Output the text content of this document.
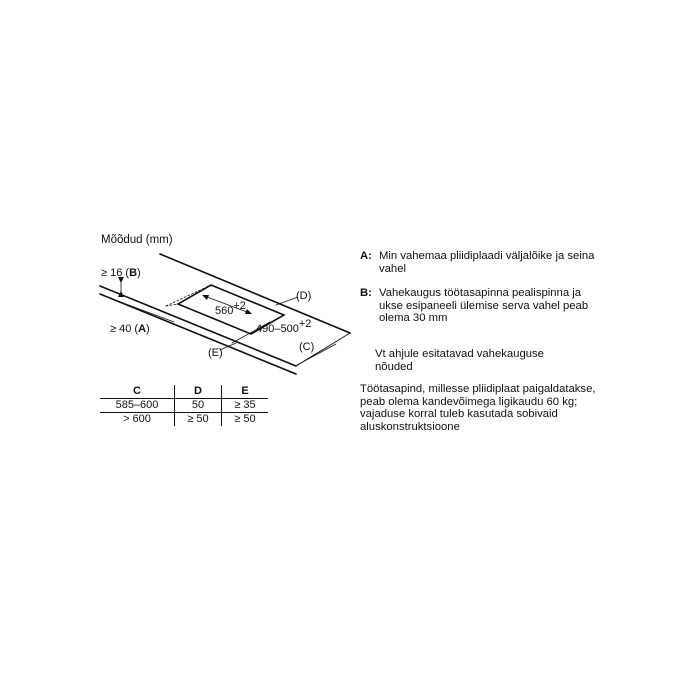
Mõõdud (mm)
≥ 16 (B)
≥ 40 (A)
560+2
490–500+2
(D)
(C)
(E)
C	D	E
585–600	50	≥ 35
> 600	≥ 50	≥ 50
A: Min vahemaa pliidiplaadi väljalõike ja seina vahel
B: Vahekaugus töötasapinna pealispinna ja ukse esipaneeli ülemise serva vahel peab olema 30 mm
Vt ahjule esitatavad vahekauguse nõuded
Töötasapind, millesse pliidiplaat paigaldatakse, peab olema kandevõimega ligikaudu 60 kg; vajaduse korral tuleb kasutada sobivaid aluskonstruktsioone
